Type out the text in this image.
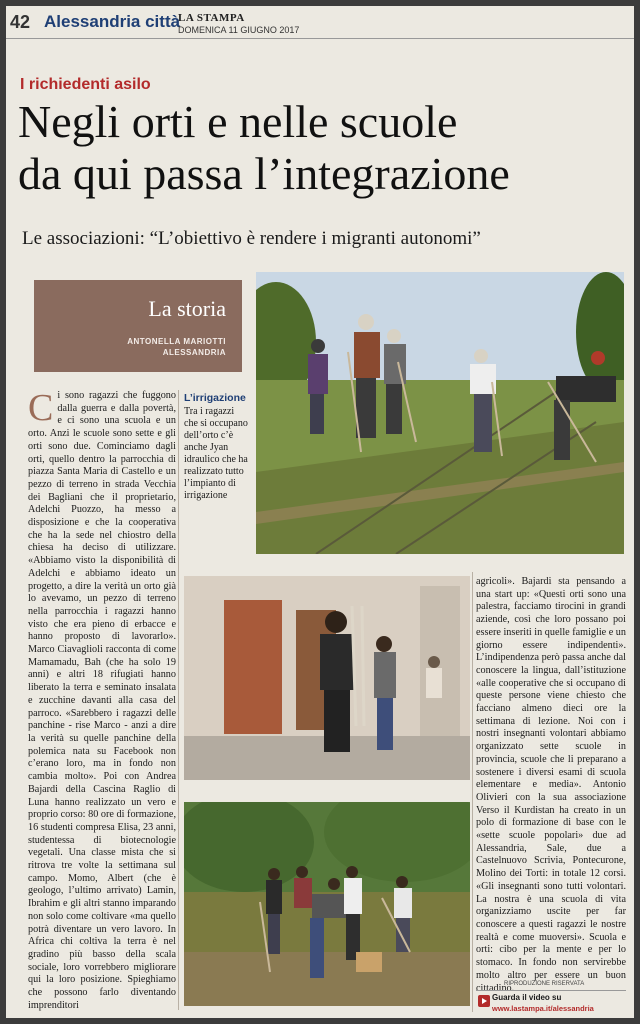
42 Alessandria città
LA STAMPA
DOMENICA 11 GIUGNO 2017
I richiedenti asilo
Negli orti e nelle scuole
da qui passa l’integrazione
Le associazioni: “L’obiettivo è rendere i migranti autonomi”
La storia
ANTONELLA MARIOTTI
ALESSANDRIA
Ci sono ragazzi che fuggono dalla guerra e dalla povertà, e ci sono una scuola e un orto. Anzi le scuole sono sette e gli orti sono due. Cominciamo dagli orti, quello dentro la parrocchia di piazza Santa Maria di Castello e un pezzo di terreno in strada Vecchia dei Bagliani che il proprietario, Adelchi Puozzo, ha messo a disposizione e che la cooperativa che ha la sede nel chiostro della chiesa ha deciso di utilizzare. «Abbiamo visto la disponibilità di Adelchi e abbiamo ideato un progetto, a dire la verità un orto già lo avevamo, un pezzo di terreno nella parrocchia i ragazzi hanno visto che era pieno di erbacce e hanno proposto di lavorarlo». Marco Ciavaglioli racconta di come Mamamadu, Bah (che ha solo 19 anni) e altri 18 rifugiati hanno liberato la terra e seminato insalata e zucchine davanti alla casa del parroco. «Sarebbero i ragazzi delle panchine - rise Marco - anzi a dire la verità su quelle panchine della polemica nata su Facebook non c’erano loro, ma in fondo non cambia molto». Poi con Andrea Bajardi della Cascina Raglio di Luna hanno realizzato un vero e proprio corso: 80 ore di formazione, 16 studenti compresa Elisa, 23 anni, studentessa di biotecnologie vegetali. Una classe mista che si ritrova tre volte la settimana sul campo. Momo, Albert (che è geologo, l’ultimo arrivato) Lamin, Ibrahim e gli altri stanno imparando non solo come coltivare «ma quello potrà diventare un vero lavoro. In Africa chi coltiva la terra è nel gradino più basso della scala sociale, loro vorrebbero migliorare qui la loro posizione. Spieghiamo che possono farlo diventando imprenditori
L’irrigazione
Tra i ragazzi che si occupano dell’orto c’è anche Jyan idraulico che ha realizzato tutto l’impianto di irrigazione
agricoli». Bajardi sta pensando a una start up: «Questi orti sono una palestra, facciamo tirocini in grandi aziende, così che loro possano poi essere inseriti in quelle famiglie e un giorno essere indipendenti». L’indipendenza però passa anche dal conoscere la lingua, dall’istituzione «alle cooperative che si occupano di queste persone viene chiesto che facciano almeno dieci ore la settimana di lezione. Noi con i nostri insegnanti volontari abbiamo organizzato sette scuole in provincia, scuole che li preparano a sostenere i diversi esami di scuola elementare e media». Antonio Olivieri con la sua associazione Verso il Kurdistan ha creato in un polo di formazione di base con le «sette scuole popolari» due ad Alessandria, Sale, due a Castelnuovo Scrivia, Pontecurone, Molino dei Torti: in totale 12 corsi. «Gli insegnanti sono tutti volontari. La nostra è una scuola di vita organizziamo uscite per far conoscere a questi ragazzi le nostre realtà e come muoversi». Scuola e orti: cibo per la mente e per lo stomaco. In fondo non servirebbe molto altro per essere un buon cittadino.
RIPRODUZIONE RISERVATA
Guarda il video su
www.lastampa.it/alessandria
